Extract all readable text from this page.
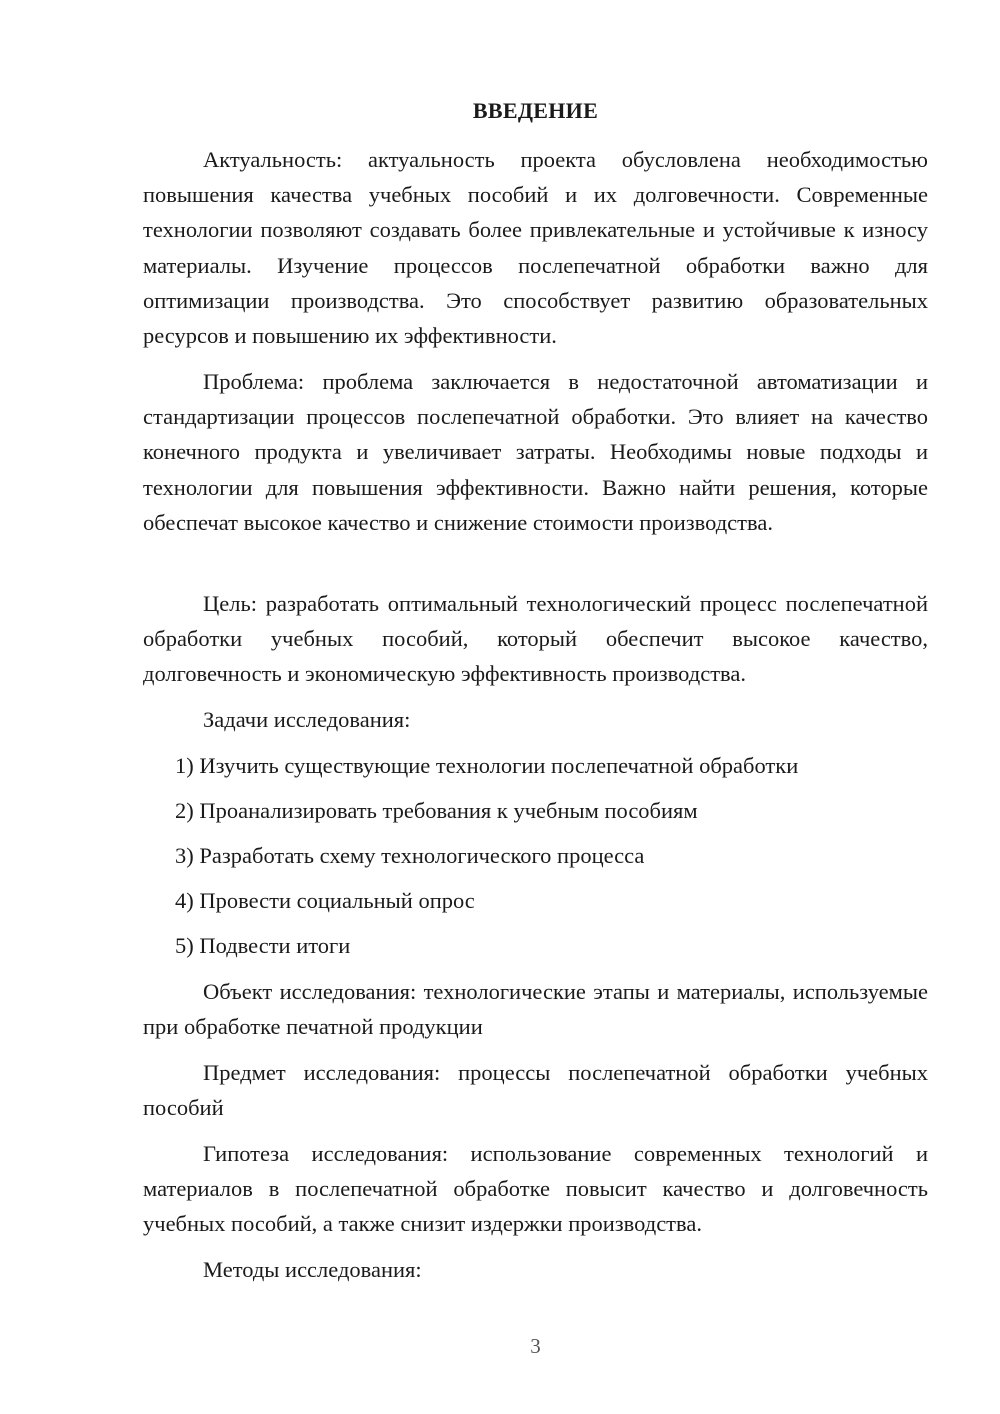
ВВЕДЕНИЕ

Актуальность: актуальность проекта обусловлена необходимостью повышения качества учебных пособий и их долговечности. Современные технологии позволяют создавать более привлекательные и устойчивые к износу материалы. Изучение процессов послепечатной обработки важно для оптимизации производства. Это способствует развитию образовательных ресурсов и повышению их эффективности.

Проблема: проблема заключается в недостаточной автоматизации и стандартизации процессов послепечатной обработки. Это влияет на качество конечного продукта и увеличивает затраты. Необходимы новые подходы и технологии для повышения эффективности. Важно найти решения, которые обеспечат высокое качество и снижение стоимости производства.

Цель: разработать оптимальный технологический процесс послепечатной обработки учебных пособий, который обеспечит высокое качество, долговечность и экономическую эффективность производства.

Задачи исследования:
1) Изучить существующие технологии послепечатной обработки
2) Проанализировать требования к учебным пособиям
3) Разработать схему технологического процесса
4) Провести социальный опрос
5) Подвести итоги

Объект исследования: технологические этапы и материалы, используемые при обработке печатной продукции

Предмет исследования: процессы послепечатной обработки учебных пособий

Гипотеза исследования: использование современных технологий и материалов в послепечатной обработке повысит качество и долговечность учебных пособий, а также снизит издержки производства.

Методы исследования:
3
